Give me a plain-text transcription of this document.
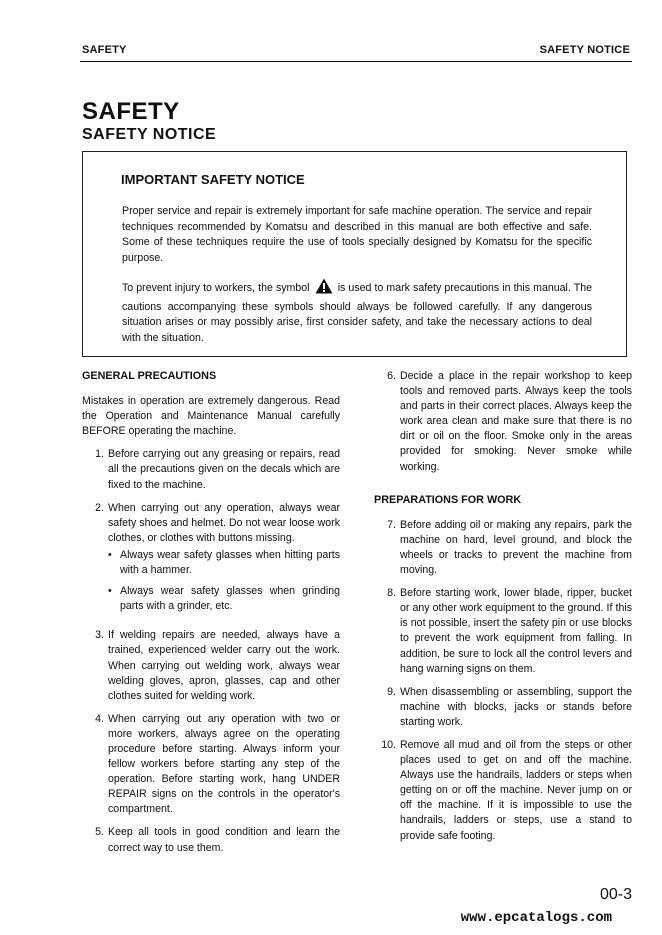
SAFETY	SAFETY NOTICE
SAFETY
SAFETY NOTICE
IMPORTANT SAFETY NOTICE

Proper service and repair is extremely important for safe machine operation. The service and repair techniques recommended by Komatsu and described in this manual are both effective and safe. Some of these techniques require the use of tools specially designed by Komatsu for the specific purpose.

To prevent injury to workers, the symbol	is used to mark safety precautions in this manual. The cautions accompanying these symbols should always be followed carefully. If any dangerous situation arises or may possibly arise, first consider safety, and take the necessary actions to deal with the situation.

GENERAL PRECAUTIONS

Mistakes in operation are extremely dangerous. Read the Operation and Maintenance Manual carefully BEFORE operating the machine.

1. Before carrying out any greasing or repairs, read all the precautions given on the decals which are fixed to the machine.
2. When carrying out any operation, always wear safety shoes and helmet. Do not wear loose work clothes, or clothes with buttons missing.
• Always wear safety glasses when hitting parts with a hammer.
• Always wear safety glasses when grinding parts with a grinder, etc.
3. If welding repairs are needed, always have a trained, experienced welder carry out the work. When carrying out welding work, always wear welding gloves, apron, glasses, cap and other clothes suited for welding work.
4. When carrying out any operation with two or more workers, always agree on the operating procedure before starting. Always inform your fellow workers before starting any step of the operation. Before starting work, hang UNDER REPAIR signs on the controls in the operator's compartment.
5. Keep all tools in good condition and learn the correct way to use them.
6. Decide a place in the repair workshop to keep tools and removed parts. Always keep the tools and parts in their correct places. Always keep the work area clean and make sure that there is no dirt or oil on the floor. Smoke only in the areas provided for smoking. Never smoke while working.
PREPARATIONS FOR WORK
7. Before adding oil or making any repairs, park the machine on hard, level ground, and block the wheels or tracks to prevent the machine from moving.
8. Before starting work, lower blade, ripper, bucket or any other work equipment to the ground. If this is not possible, insert the safety pin or use blocks to prevent the work equipment from falling. In addition, be sure to lock all the control levers and hang warning signs on them.
9. When disassembling or assembling, support the machine with blocks, jacks or stands before starting work.
10. Remove all mud and oil from the steps or other places used to get on and off the machine. Always use the handrails, ladders or steps when getting on or off the machine. Never jump on or off the machine. If it is impossible to use the handrails, ladders or steps, use a stand to provide safe footing.
00-3
www.epcatalogs.com
